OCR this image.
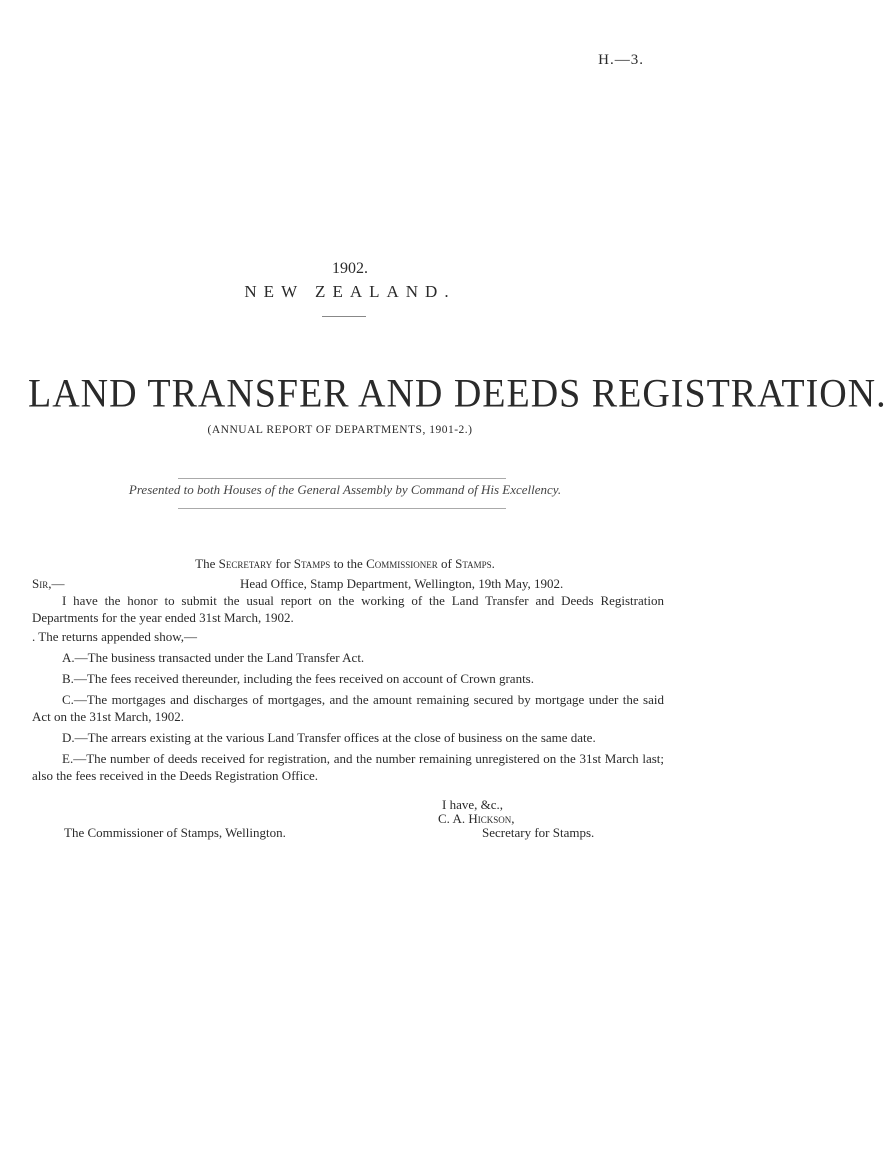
H.—3.
1902.
NEW ZEALAND.
LAND TRANSFER AND DEEDS REGISTRATION.
(ANNUAL REPORT OF DEPARTMENTS, 1901-2.)
Presented to both Houses of the General Assembly by Command of His Excellency.
The Secretary for Stamps to the Commissioner of Stamps.
Sir,—	Head Office, Stamp Department, Wellington, 19th May, 1902.

I have the honor to submit the usual report on the working of the Land Transfer and Deeds Registration Departments for the year ended 31st March, 1902.

. The returns appended show,—

A.—The business transacted under the Land Transfer Act.

B.—The fees received thereunder, including the fees received on account of Crown grants.

C.—The mortgages and discharges of mortgages, and the amount remaining secured by mortgage under the said Act on the 31st March, 1902.

D.—The arrears existing at the various Land Transfer offices at the close of business on the same date.

E.—The number of deeds received for registration, and the number remaining unregistered on the 31st March last; also the fees received in the Deeds Registration Office.

I have, &c.,
C. A. Hickson,
Secretary for Stamps.
The Commissioner of Stamps, Wellington.
